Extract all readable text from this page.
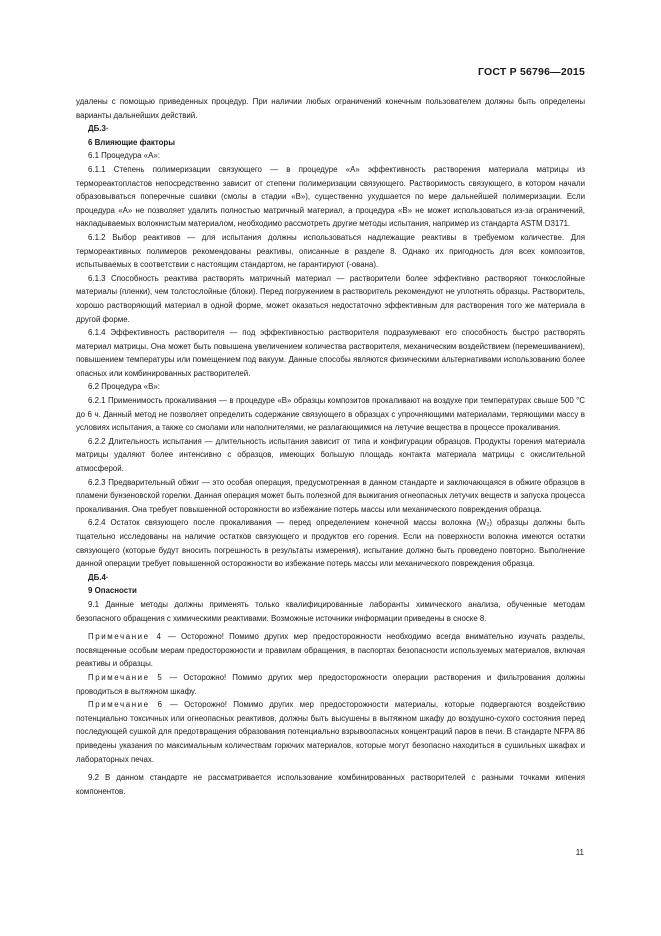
ГОСТ Р 56796—2015

удалены с помощью приведенных процедур. При наличии любых ограничений конечным пользователем должны быть определены варианты дальнейших действий.

ДБ.3·

6 Влияющие факторы

6.1 Процедура «А»:

6.1.1 Степень полимеризации связующего — в процедуре «А» эффективность растворения материала матрицы из термореактопластов непосредственно зависит от степени полимеризации связующего. Растворимость связующего, в котором начали образовываться поперечные сшивки (смолы в стадии «В»), существенно ухудшается по мере дальнейшей полимеризации. Если процедура «А» не позволяет удалить полностью матричный материал, а процедура «В» не может использоваться из-за ограничений, накладываемых волокнистым материалом, необходимо рассмотреть другие методы испытания, например из стандарта ASTM D3171.

6.1.2 Выбор реактивов — для испытания должны использоваться надлежащие реактивы в требуемом количестве. Для термореактивных полимеров рекомендованы реактивы, описанные в разделе 8. Однако их пригодность для всех композитов, испытываемых в соответствии с настоящим стандартом, не гарантируют (-ована).

6.1.3 Способность реактива растворять матричный материал — растворители более эффективно растворяют тонкослойные материалы (пленки), чем толстослойные (блоки). Перед погружением в растворитель рекомендуют не уплотнять образцы. Растворитель, хорошо растворяющий материал в одной форме, может оказаться недостаточно эффективным для растворения того же материала в другой форме.

6.1.4 Эффективность растворителя — под эффективностью растворителя подразумевают его способность быстро растворять материал матрицы. Она может быть повышена увеличением количества растворителя, механическим воздействием (перемешиванием), повышением температуры или помещением под вакуум. Данные способы являются физическими альтернативами использованию более опасных или комбинированных растворителей.

6.2 Процедура «В»:

6.2.1 Применимость прокаливания — в процедуре «В» образцы композитов прокаливают на воздухе при температурах свыше 500 °С до 6 ч. Данный метод не позволяет определить содержание связующего в образцах с упрочняющими материалами, теряющими массу в условиях испытания, а также со смолами или наполнителями, не разлагающимися на летучие вещества в процессе прокаливания.

6.2.2 Длительность испытания — длительность испытания зависит от типа и конфигурации образцов. Продукты горения материала матрицы удаляют более интенсивно с образцов, имеющих большую площадь контакта материала матрицы с окислительной атмосферой.

6.2.3 Предварительный обжиг — это особая операция, предусмотренная в данном стандарте и заключающаяся в обжиге образцов в пламени бунзеновской горелки. Данная операция может быть полезной для выжигания огнеопасных летучих веществ и запуска процесса прокаливания. Она требует повышенной осторожности во избежание потерь массы или механического повреждения образца.

6.2.4 Остаток связующего после прокаливания — перед определением конечной массы волокна (W₂) образцы должны быть тщательно исследованы на наличие остатков связующего и продуктов его горения. Если на поверхности волокна имеются остатки связующего (которые будут вносить погрешность в результаты измерения), испытание должно быть проведено повторно. Выполнение данной операции требует повышенной осторожности во избежание потерь массы или механического повреждения образца.

ДБ.4·

9 Опасности

9.1 Данные методы должны применять только квалифицированные лаборанты химического анализа, обученные методам безопасного обращения с химическими реактивами. Возможные источники информации приведены в сноске 8.

Примечание 4 — Осторожно! Помимо других мер предосторожности необходимо всегда внимательно изучать разделы, посвященные особым мерам предосторожности и правилам обращения, в паспортах безопасности используемых материалов, включая реактивы и образцы.

Примечание 5 — Осторожно! Помимо других мер предосторожности операции растворения и фильтрования должны проводиться в вытяжном шкафу.

Примечание 6 — Осторожно! Помимо других мер предосторожности материалы, которые подвергаются воздействию потенциально токсичных или огнеопасных реактивов, должны быть высушены в вытяжном шкафу до воздушно-сухого состояния перед последующей сушкой для предотвращения образования потенциально взрывоопасных концентраций паров в печи. В стандарте NFPA 86 приведены указания по максимальным количествам горючих материалов, которые могут безопасно находиться в сушильных шкафах и лабораторных печах.

9.2 В данном стандарте не рассматривается использование комбинированных растворителей с разными точками кипения компонентов.

11
